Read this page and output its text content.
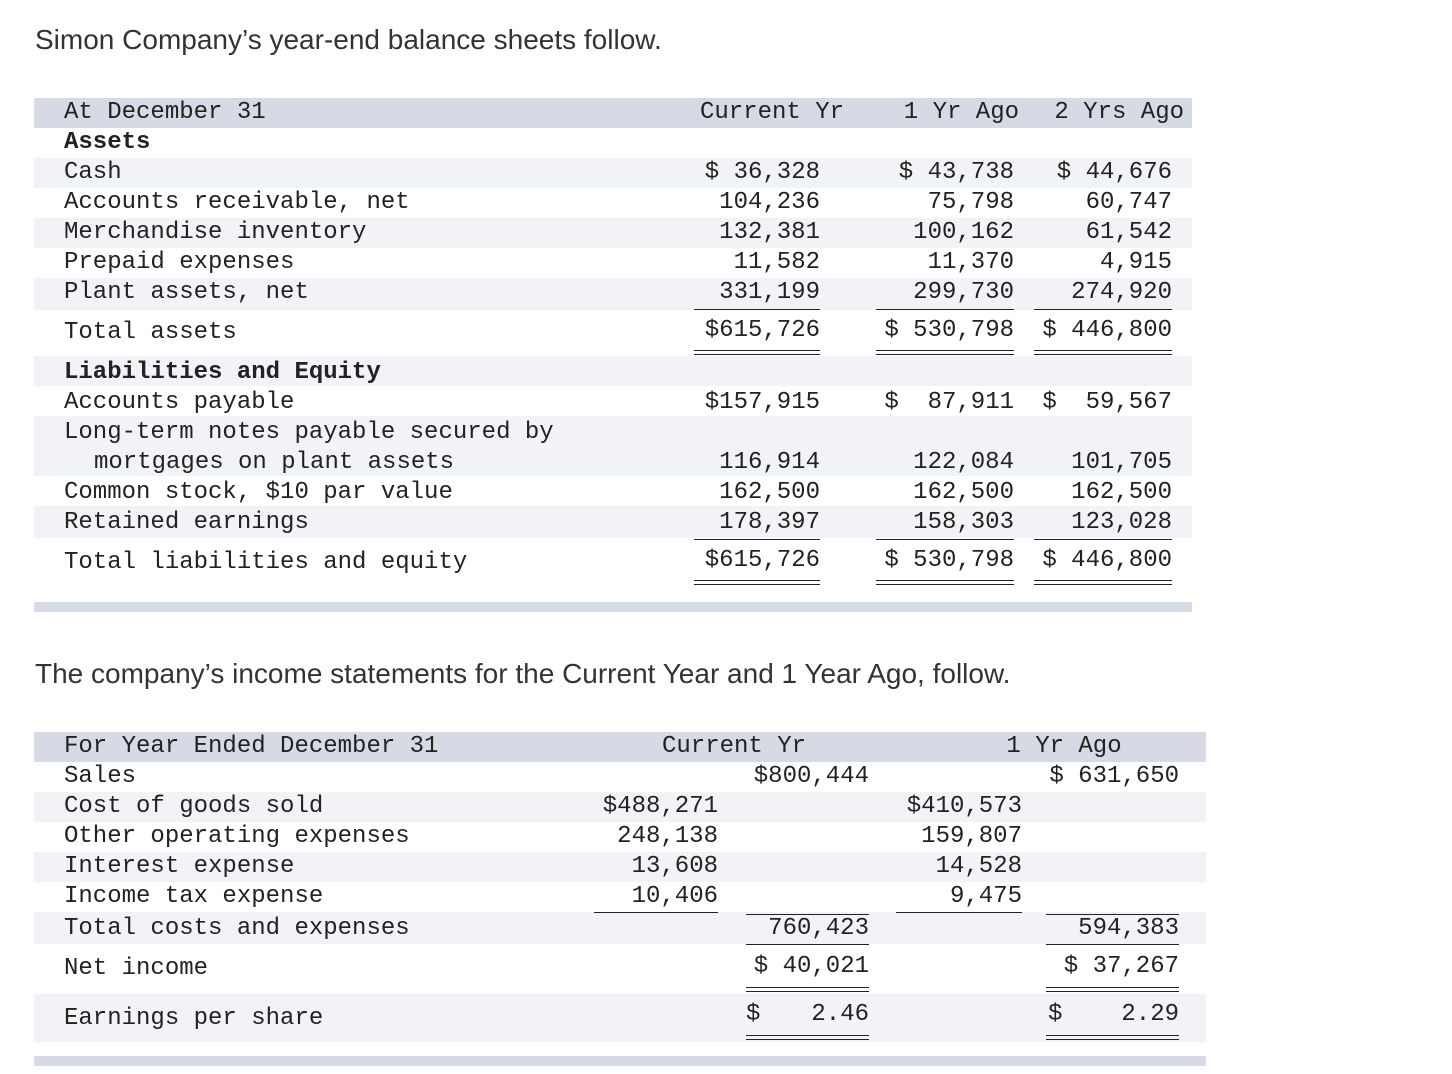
Simon Company’s year-end balance sheets follow.
At December 31	Current Yr	1 Yr Ago	2 Yrs Ago
Assets
Cash	$ 36,328	$ 43,738	$ 44,676
Accounts receivable, net	104,236	75,798	60,747
Merchandise inventory	132,381	100,162	61,542
Prepaid expenses	11,582	11,370	4,915
Plant assets, net	331,199	299,730	274,920
Total assets	$615,726	$ 530,798	$ 446,800
Liabilities and Equity
Accounts payable	$157,915	$  87,911	$  59,567
Long-term notes payable secured by
mortgages on plant assets	116,914	122,084	101,705
Common stock, $10 par value	162,500	162,500	162,500
Retained earnings	178,397	158,303	123,028
Total liabilities and equity	$615,726	$ 530,798	$ 446,800
The company’s income statements for the Current Year and 1 Year Ago, follow.
For Year Ended December 31	Current Yr	1 Yr Ago
Sales	$800,444	$ 631,650
Cost of goods sold	$488,271	$410,573
Other operating expenses	248,138	159,807
Interest expense	13,608	14,528
Income tax expense	10,406	9,475
Total costs and expenses	760,423	594,383
Net income	$ 40,021	$ 37,267
Earnings per share	$	2.46	$	2.29
